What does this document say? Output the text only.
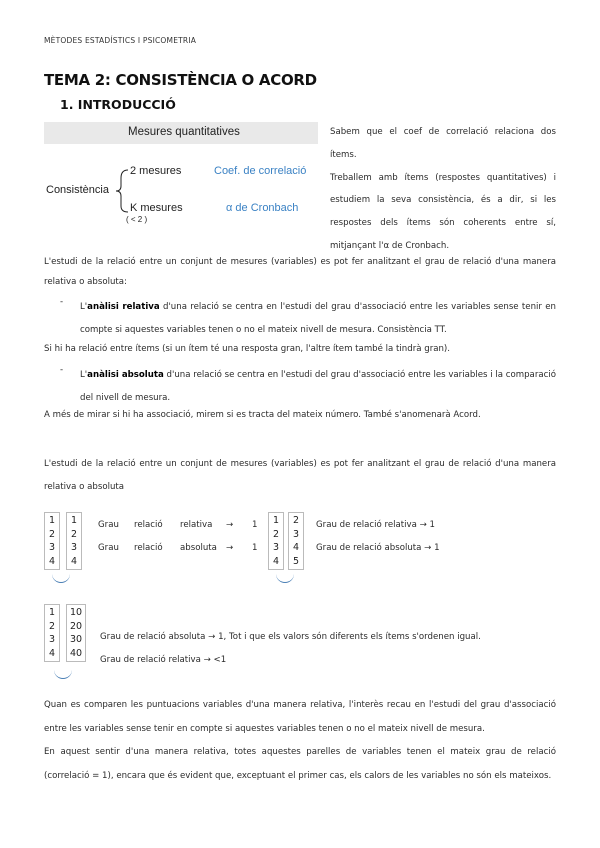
MÈTODES ESTADÍSTICS I PSICOMETRIA
TEMA 2: CONSISTÈNCIA O ACORD
1. INTRODUCCIÓ
Mesures quantitatives
Consistència
2 mesures
K mesures
( < 2 )
Coef. de correlació
α de Cronbach
Sabem que el coef de correlació relaciona dos
ítems.
Treballem amb ítems (respostes quantitatives) i
estudiem la seva consistència, és a dir, si les
respostes dels ítems són coherents entre sí,
mitjançant l'α de Cronbach.
L'estudi de la relació entre un conjunt de mesures (variables) es pot fer analitzant el grau de relació d'una manera
relativa o absoluta:
- L'anàlisi relativa d'una relació se centra en l'estudi del grau d'associació entre les variables sense tenir en
compte si aquestes variables tenen o no el mateix nivell de mesura. Consistència TT.
Si hi ha relació entre ítems (si un ítem té una resposta gran, l'altre ítem també la tindrà gran).
- L'anàlisi absoluta d'una relació se centra en l'estudi del grau d'associació entre les variables i la comparació
del nivell de mesura.
A més de mirar si hi ha associació, mirem si es tracta del mateix número. També s'anomenarà Acord.
L'estudi de la relació entre un conjunt de mesures (variables) es pot fer analitzant el grau de relació d'una manera
relativa o absoluta
1
2
3
4
1
2
3
4
Grau relació relativa → 1
Grau relació absoluta → 1
1
2
3
4
2
3
4
5
Grau de relació relativa → 1
Grau de relació absoluta → 1
1
2
3
4
10
20
30
40
Grau de relació absoluta → 1, Tot i que els valors són diferents els ítems s'ordenen igual.
Grau de relació relativa → <1
Quan es comparen les puntuacions variables d'una manera relativa, l'interès recau en l'estudi del grau d'associació
entre les variables sense tenir en compte si aquestes variables tenen o no el mateix nivell de mesura.
En aquest sentir d'una manera relativa, totes aquestes parelles de variables tenen el mateix grau de relació
(correlació = 1), encara que és evident que, exceptuant el primer cas, els calors de les variables no són els mateixos.
